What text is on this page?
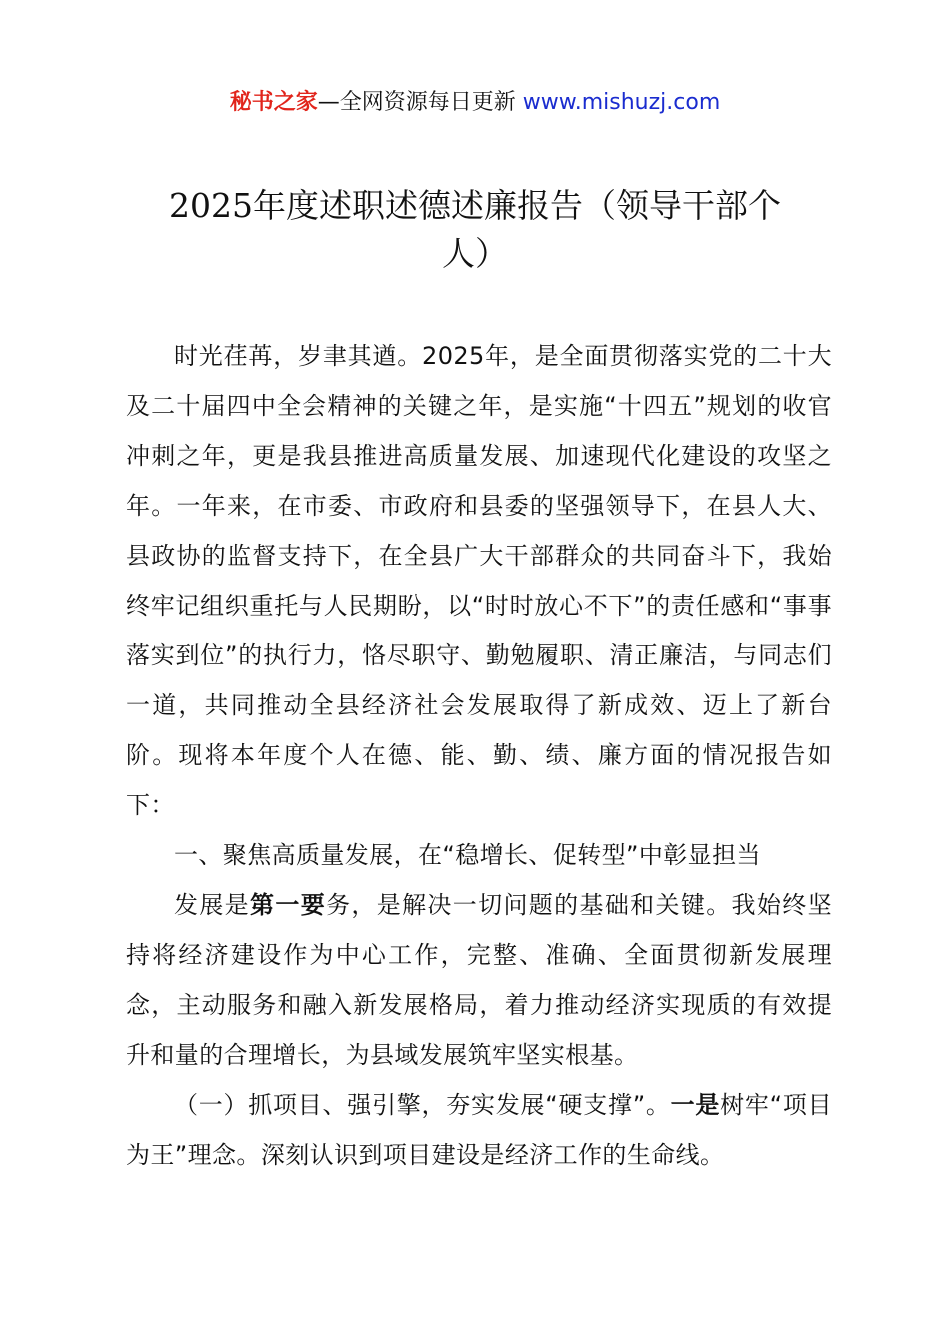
秘书之家—全网资源每日更新 www.mishuzj.com
2025年度述职述德述廉报告（领导干部个人）

时光荏苒，岁聿其遒。2025年，是全面贯彻落实党的二十大及二十届四中全会精神的关键之年，是实施“十四五”规划的收官冲刺之年，更是我县推进高质量发展、加速现代化建设的攻坚之年。一年来，在市委、市政府和县委的坚强领导下，在县人大、县政协的监督支持下，在全县广大干部群众的共同奋斗下，我始终牢记组织重托与人民期盼，以“时时放心不下”的责任感和“事事落实到位”的执行力，恪尽职守、勤勉履职、清正廉洁，与同志们一道，共同推动全县经济社会发展取得了新成效、迈上了新台阶。现将本年度个人在德、能、勤、绩、廉方面的情况报告如下：

一、聚焦高质量发展，在“稳增长、促转型”中彰显担当

发展是第一要务，是解决一切问题的基础和关键。我始终坚持将经济建设作为中心工作，完整、准确、全面贯彻新发展理念，主动服务和融入新发展格局，着力推动经济实现质的有效提升和量的合理增长，为县域发展筑牢坚实根基。

（一）抓项目、强引擎，夯实发展“硬支撑”。一是树牢“项目为王”理念。深刻认识到项目建设是经济工作的生命线。
